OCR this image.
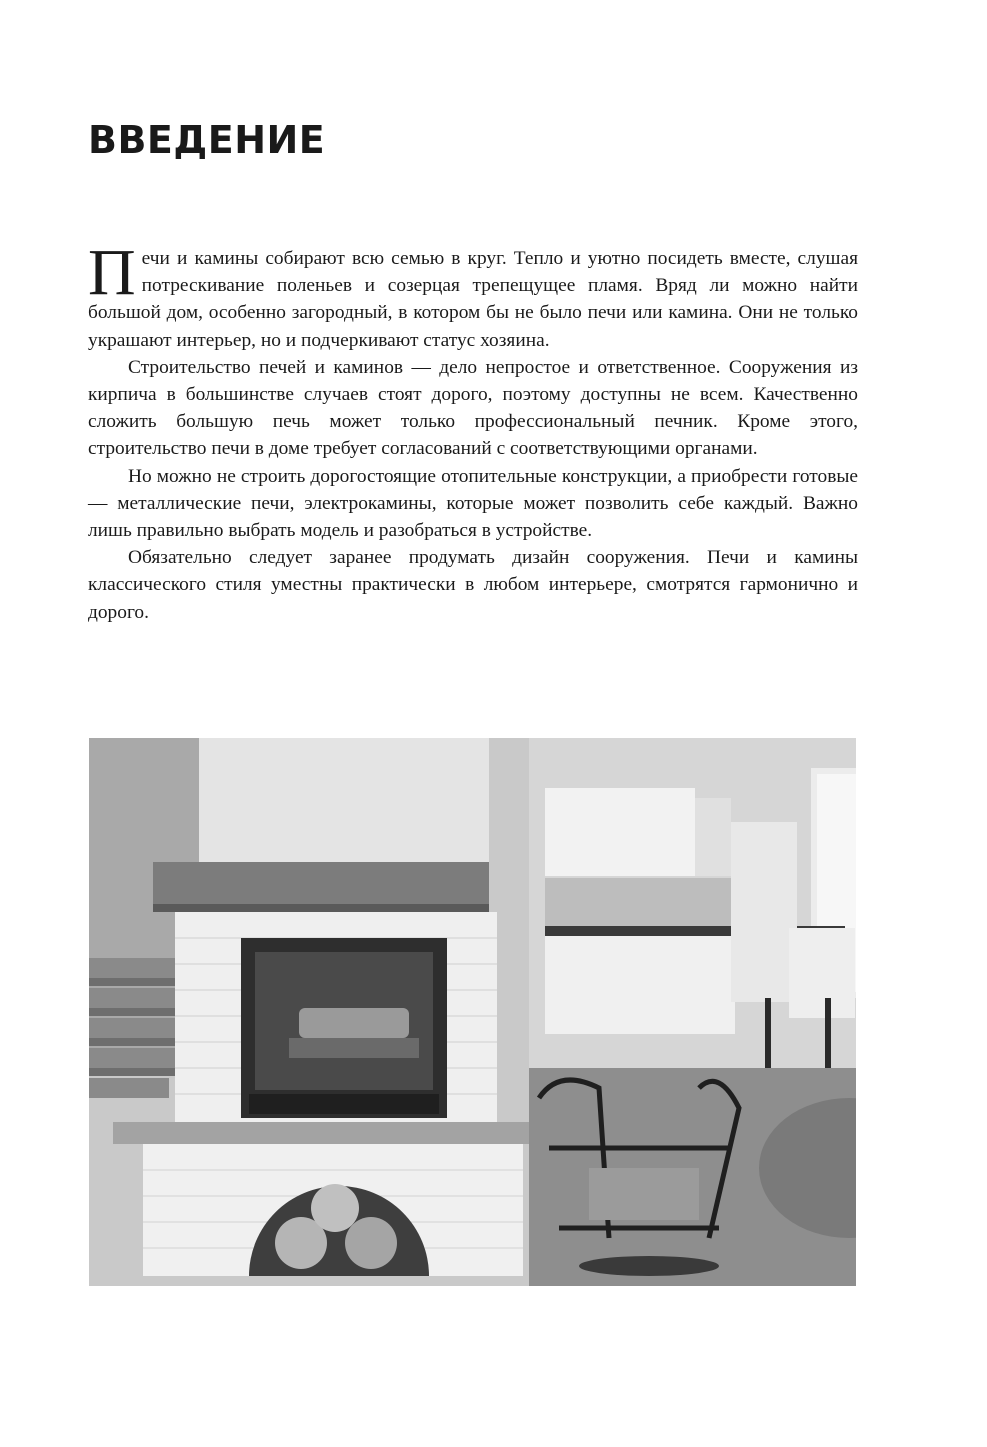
ВВЕДЕНИЕ

Печи и камины собирают всю семью в круг. Тепло и уютно посидеть вместе, слушая потрескивание поленьев и созерцая трепещущее пламя. Вряд ли можно найти большой дом, особенно загородный, в котором бы не было печи или камина. Они не только украшают интерьер, но и подчеркивают статус хозяина.

Строительство печей и каминов — дело непростое и ответственное. Сооружения из кирпича в большинстве случаев стоят дорого, поэтому доступны не всем. Качественно сложить большую печь может только профессиональный печник. Кроме этого, строительство печи в доме требует согласований с соответствующими органами.

Но можно не строить дорогостоящие отопительные конструкции, а приобрести готовые — металлические печи, электрокамины, которые может позволить себе каждый. Важно лишь правильно выбрать модель и разобраться в устройстве.

Обязательно следует заранее продумать дизайн сооружения. Печи и камины классического стиля уместны практически в любом интерьере, смотрятся гармонично и дорого.
